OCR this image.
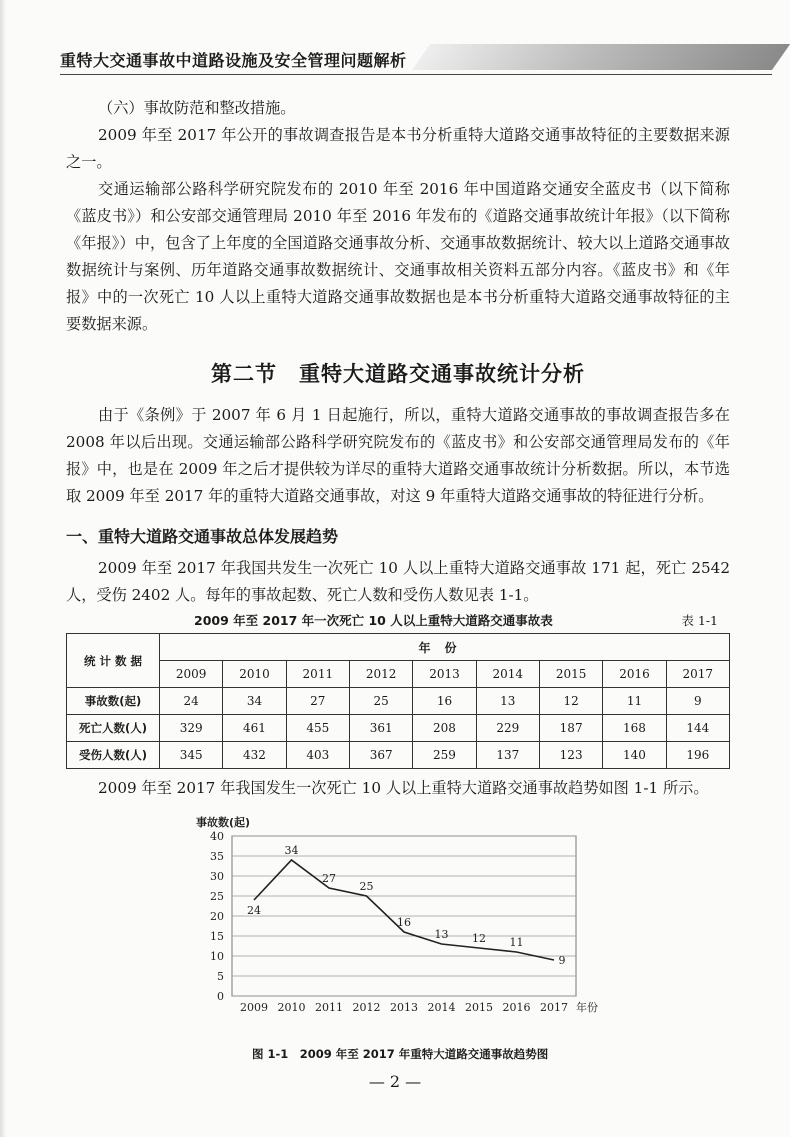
重特大交通事故中道路设施及安全管理问题解析

（六）事故防范和整改措施。

2009 年至 2017 年公开的事故调查报告是本书分析重特大道路交通事故特征的主要数据来源之一。

交通运输部公路科学研究院发布的 2010 年至 2016 年中国道路交通安全蓝皮书（以下简称《蓝皮书》）和公安部交通管理局 2010 年至 2016 年发布的《道路交通事故统计年报》（以下简称《年报》）中，包含了上年度的全国道路交通事故分析、交通事故数据统计、较大以上道路交通事故数据统计与案例、历年道路交通事故数据统计、交通事故相关资料五部分内容。《蓝皮书》和《年报》中的一次死亡 10 人以上重特大道路交通事故数据也是本书分析重特大道路交通事故特征的主要数据来源。

第二节　重特大道路交通事故统计分析

由于《条例》于 2007 年 6 月 1 日起施行，所以，重特大道路交通事故的事故调查报告多在 2008 年以后出现。交通运输部公路科学研究院发布的《蓝皮书》和公安部交通管理局发布的《年报》中，也是在 2009 年之后才提供较为详尽的重特大道路交通事故统计分析数据。所以，本节选取 2009 年至 2017 年的重特大道路交通事故，对这 9 年重特大道路交通事故的特征进行分析。

一、重特大道路交通事故总体发展趋势

2009 年至 2017 年我国共发生一次死亡 10 人以上重特大道路交通事故 171 起，死亡 2542 人，受伤 2402 人。每年的事故起数、死亡人数和受伤人数见表 1-1。

2009 年至 2017 年一次死亡 10 人以上重特大道路交通事故表	表 1-1
统 计 数 据	年份								
	2009	2010	2011	2012	2013	2014	2015	2016	2017
事故数(起)	24	34	27	25	16	13	12	11	9
死亡人数(人)	329	461	455	361	208	229	187	168	144
受伤人数(人)	345	432	403	367	259	137	123	140	196

2009 年至 2017 年我国发生一次死亡 10 人以上重特大道路交通事故趋势如图 1-1 所示。

0
5
10
15
20
25
30
35
40
事故数(起)
2009 2010 2011 2012 2013 2014 2015 2016 2017 年份
24
34
27
25
16
13 12 11
9
图 1-1　2009 年至 2017 年重特大道路交通事故趋势图
— 2 —
